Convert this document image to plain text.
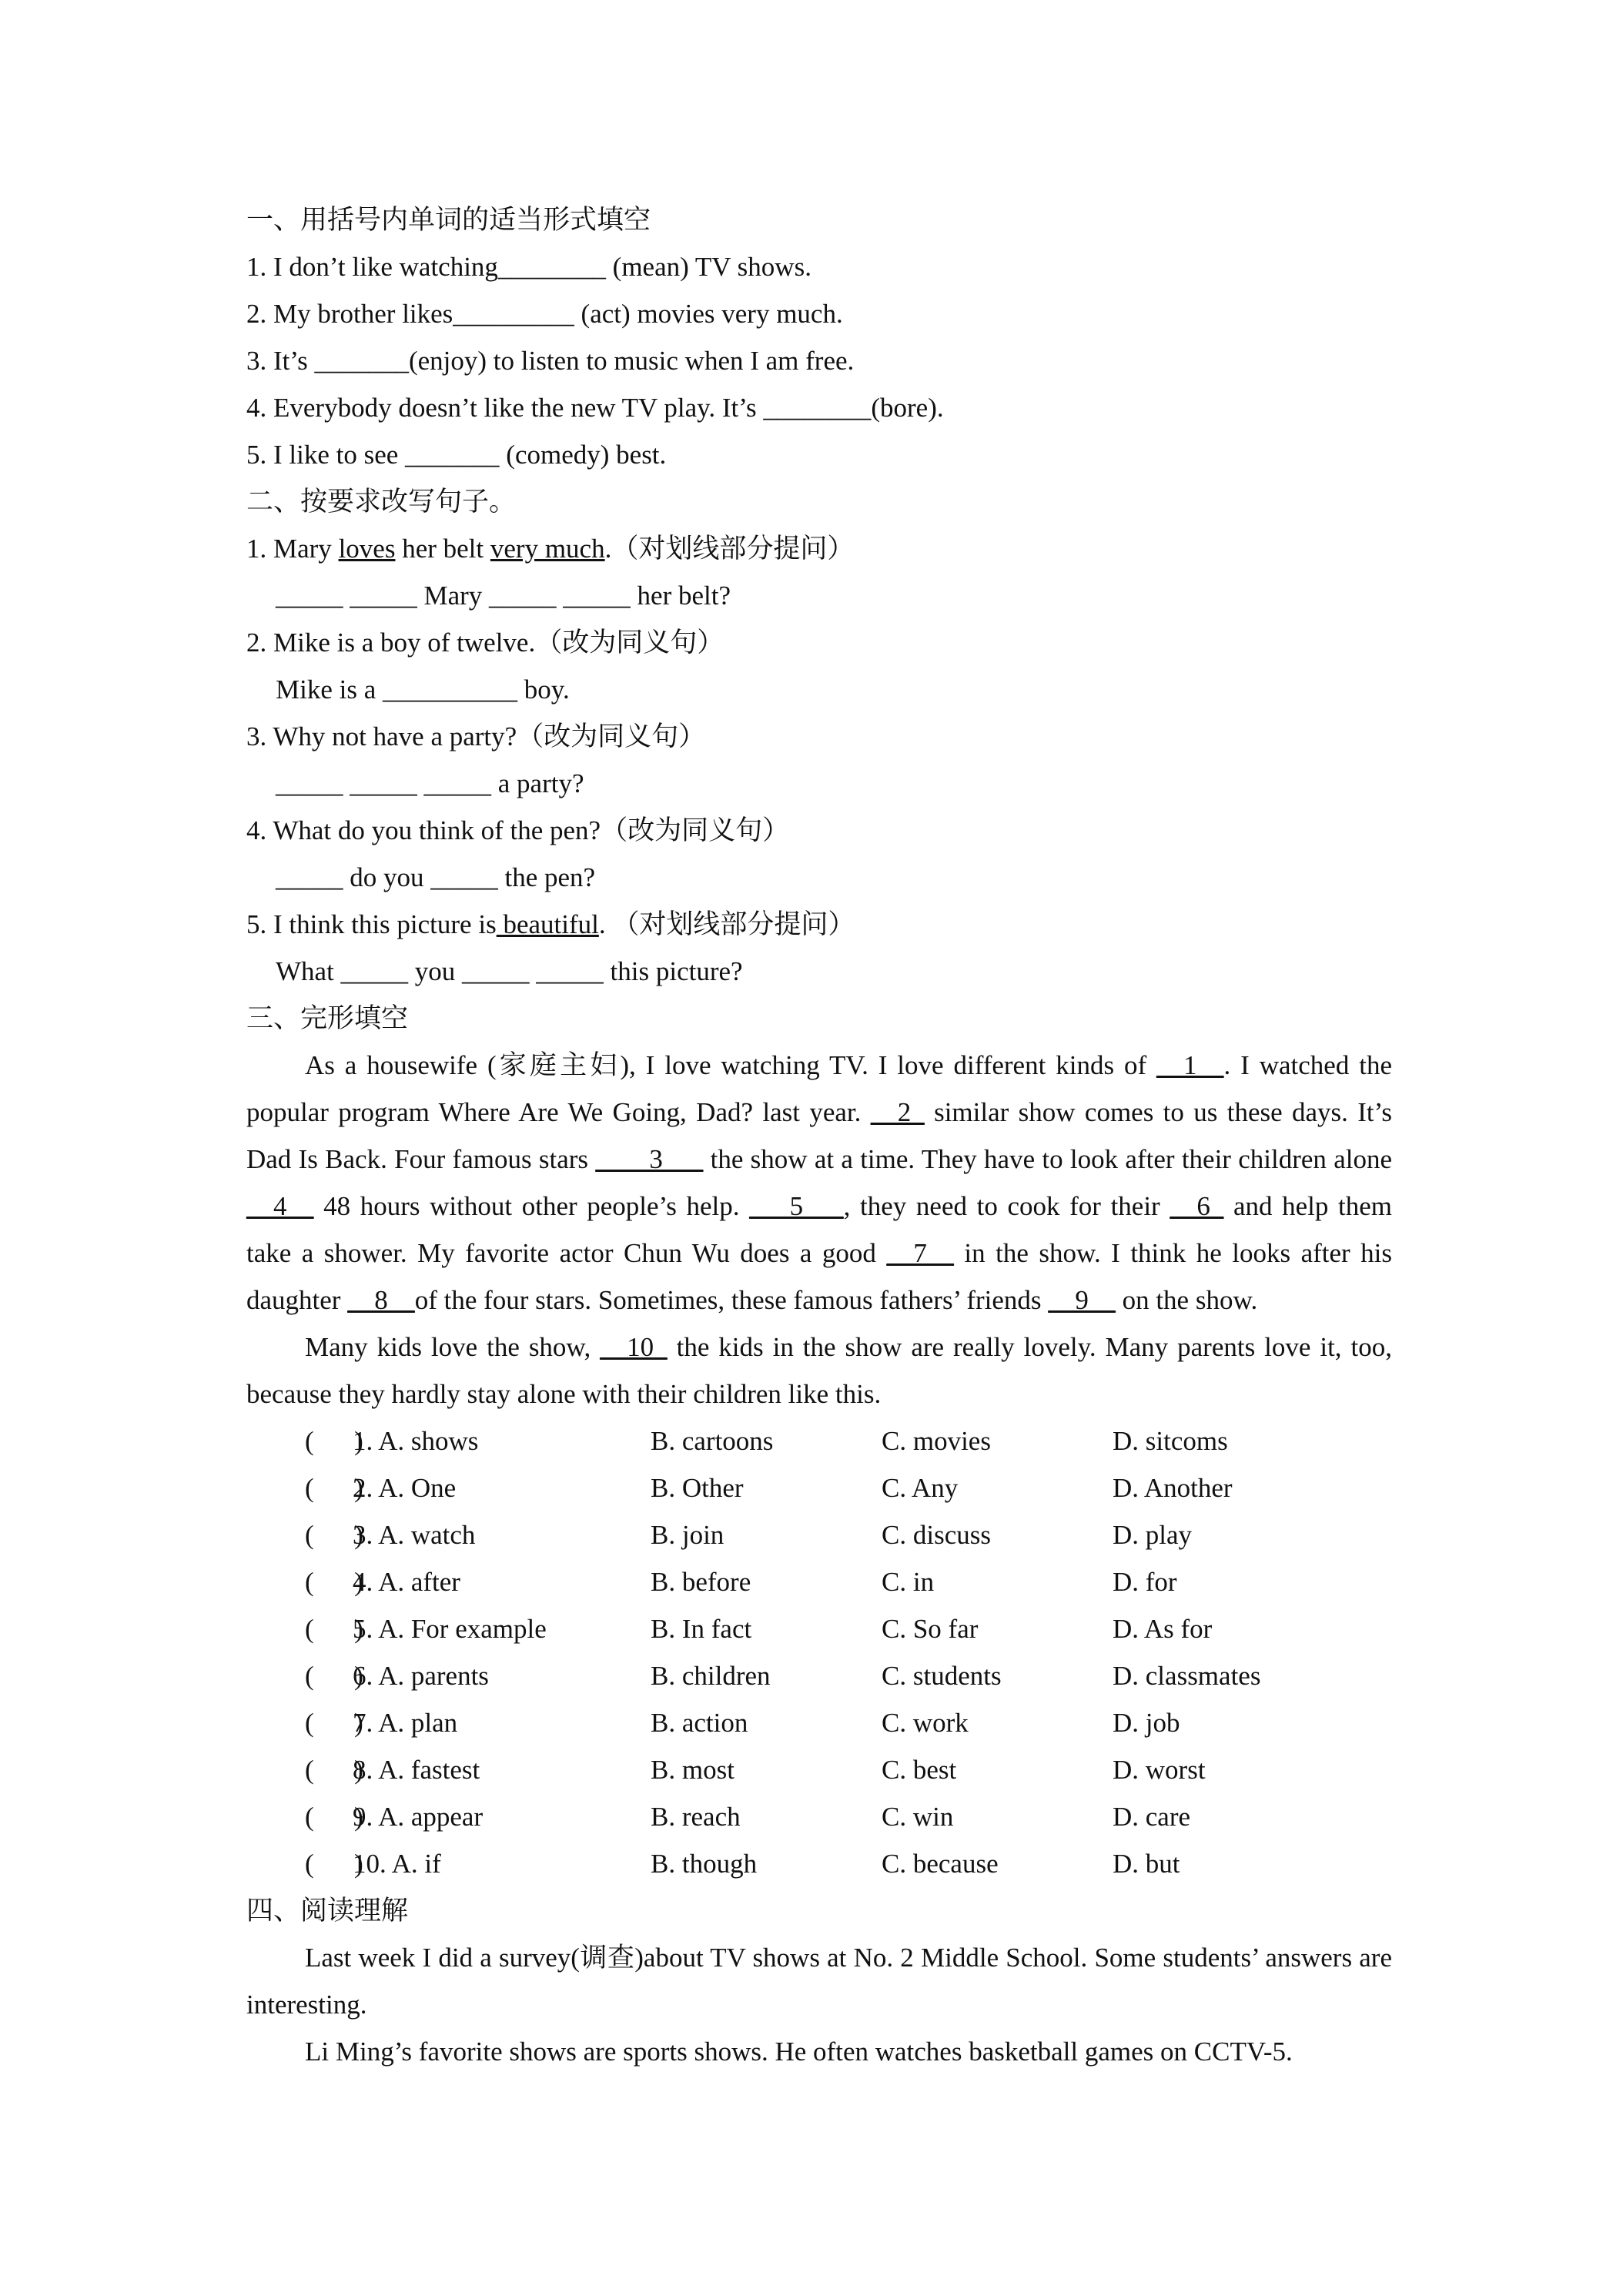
一、用括号内单词的适当形式填空
1. I don’t like watching________ (mean) TV shows.
2. My brother likes_________ (act) movies very much.
3. It’s _______(enjoy) to listen to music when I am free.
4. Everybody doesn’t like the new TV play. It’s ________(bore).
5. I like to see _______ (comedy) best.
二、按要求改写句子。
1. Mary loves her belt very much.（对划线部分提问）
_____ _____ Mary _____ _____ her belt?
2. Mike is a boy of twelve.（改为同义句）
Mike is a __________ boy.
3. Why not have a party?（改为同义句）
_____ _____ _____ a party?
4. What do you think of the pen?（改为同义句）
_____ do you _____ the pen?
5. I think this picture is beautiful. （对划线部分提问）
What _____ you _____ _____ this picture?
三、完形填空
As a housewife (家庭主妇), I love watching TV. I love different kinds of __1__. I watched the popular program Where Are We Going, Dad? last year. __2_ similar show comes to us these days. It’s Dad Is Back. Four famous stars ____3___ the show at a time. They have to look after their children alone __4__ 48 hours without other people’s help. ___5___, they need to cook for their __6_ and help them take a shower. My favorite actor Chun Wu does a good __7__ in the show. I think he looks after his daughter __8__of the four stars. Sometimes, these famous fathers’ friends __9__ on the show.
Many kids love the show, __10_ the kids in the show are really lovely. Many parents love it, too, because they hardly stay alone with their children like this.
(      )
1. A. shows	B. cartoons	C. movies	D. sitcoms
(      )
2. A. One	B. Other	C. Any	D. Another
(      )
3. A. watch	B. join	C. discuss	D. play
(      )
4. A. after	B. before	C. in	D. for
(      )
5. A. For example	B. In fact	C. So far	D. As for
(      )
6. A. parents	B. children	C. students	D. classmates
(      )
7. A. plan	B. action	C. work	D. job
(      )
8. A. fastest	B. most	C. best	D. worst
(      )
9. A. appear	B. reach	C. win	D. care
(      )
10. A. if	B. though	C. because	D. but
四、阅读理解
Last week I did a survey(调查)about TV shows at No. 2 Middle School. Some students’ answers are interesting.
Li Ming’s favorite shows are sports shows. He often watches basketball games on CCTV-5.
